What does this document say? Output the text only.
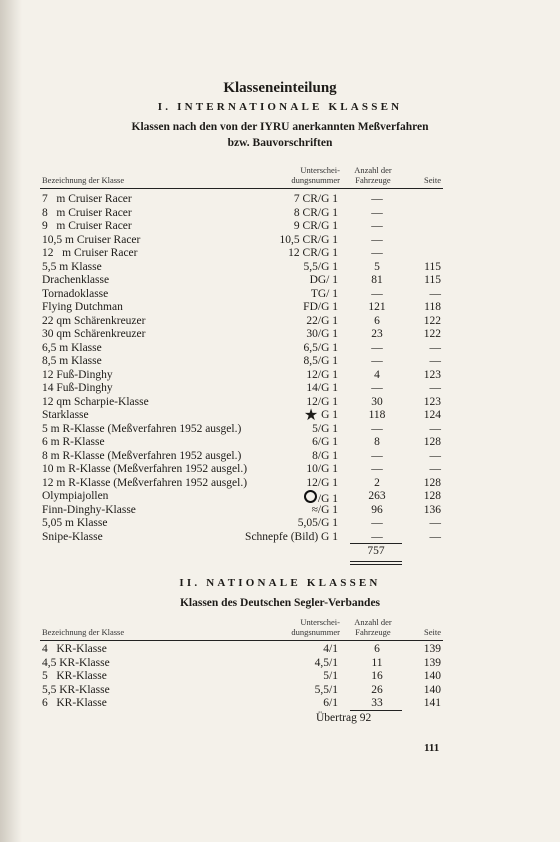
Klasseneinteilung
I. INTERNATIONALE KLASSEN
Klassen nach den von der IYRU anerkannten Meßverfahren
bzw. Bauvorschriften
Bezeichnung der Klasse
Unterschei-
dungsnummer
Anzahl der
Fahrzeuge	Seite
7   m Cruiser Racer	7 CR/G 1	—
8   m Cruiser Racer	8 CR/G 1	—
9   m Cruiser Racer	9 CR/G 1	—
10,5 m Cruiser Racer	10,5 CR/G 1	—
12   m Cruiser Racer	12 CR/G 1	—
5,5 m Klasse	5,5/G 1	5	115
Drachenklasse	DG/ 1	81	115
Tornadoklasse	TG/ 1	—	—
Flying Dutchman	FD/G 1	121	118
22 qm Schärenkreuzer	22/G 1	6	122
30 qm Schärenkreuzer	30/G 1	23	122
6,5 m Klasse	6,5/G 1	—	—
8,5 m Klasse	8,5/G 1	—	—
12 Fuß-Dinghy	12/G 1	4	123
14 Fuß-Dinghy	14/G 1	—	—
12 qm Scharpie-Klasse	12/G 1	30	123
Starklasse	★ G 1	118	124
5 m R-Klasse (Meßverfahren 1952 ausgel.)	5/G 1	—	—
6 m R-Klasse	6/G 1	8	128
8 m R-Klasse (Meßverfahren 1952 ausgel.)	8/G 1	—	—
10 m R-Klasse (Meßverfahren 1952 ausgel.)	10/G 1	—	—
12 m R-Klasse (Meßverfahren 1952 ausgel.)	12/G 1	2	128
Olympiajollen	/G 1	263	128
Finn-Dinghy-Klasse	≈/G 1	96	136
5,05 m Klasse	5,05/G 1	—	—
Snipe-Klasse	Schnepfe (Bild) G 1	—	—
757
II. NATIONALE KLASSEN
Klassen des Deutschen Segler-Verbandes
Bezeichnung der Klasse
Unterschei-
dungsnummer
Anzahl der
Fahrzeuge	Seite
4   KR-Klasse	4/1	6	139
4,5 KR-Klasse	4,5/1	11	139
5   KR-Klasse	5/1	16	140
5,5 KR-Klasse	5,5/1	26	140
6   KR-Klasse	6/1	33	141
Übertrag 92
111
